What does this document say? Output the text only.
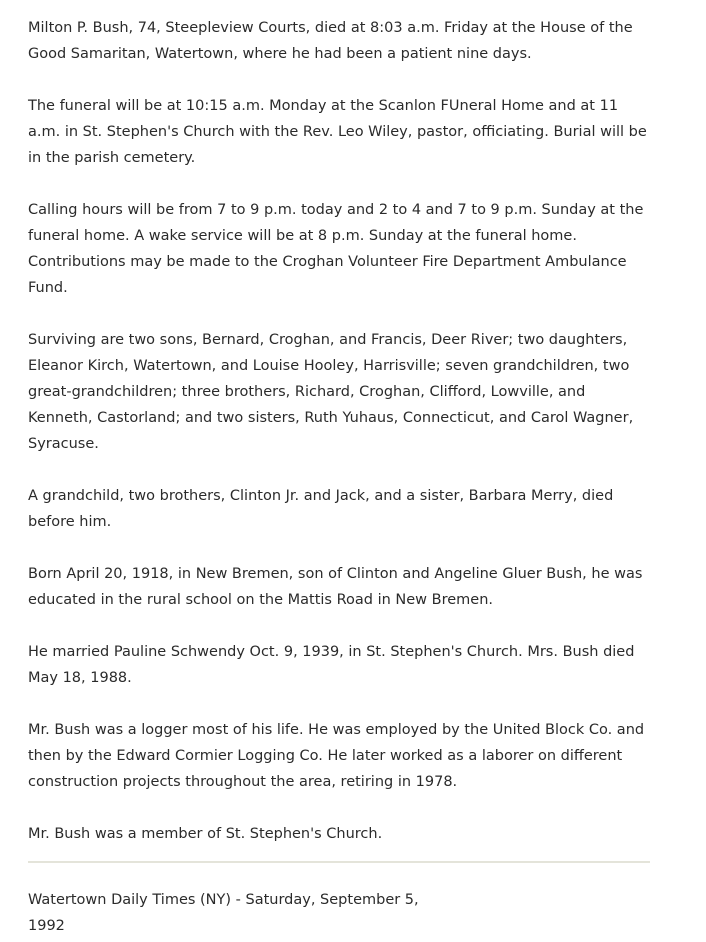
Milton P. Bush, 74, Steepleview Courts, died at 8:03 a.m. Friday at the House of the Good Samaritan, Watertown, where he had been a patient nine days.

The funeral will be at 10:15 a.m. Monday at the Scanlon FUneral Home and at 11 a.m. in St. Stephen's Church with the Rev. Leo Wiley, pastor, officiating. Burial will be in the parish cemetery.

Calling hours will be from 7 to 9 p.m. today and 2 to 4 and 7 to 9 p.m. Sunday at the funeral home. A wake service will be at 8 p.m. Sunday at the funeral home. Contributions may be made to the Croghan Volunteer Fire Department Ambulance Fund.

Surviving are two sons, Bernard, Croghan, and Francis, Deer River; two daughters, Eleanor Kirch, Watertown, and Louise Hooley, Harrisville; seven grandchildren, two great-grandchildren; three brothers, Richard, Croghan, Clifford, Lowville, and Kenneth, Castorland; and two sisters, Ruth Yuhaus, Connecticut, and Carol Wagner, Syracuse.

A grandchild, two brothers, Clinton Jr. and Jack, and a sister, Barbara Merry, died before him.

Born April 20, 1918, in New Bremen, son of Clinton and Angeline Gluer Bush, he was educated in the rural school on the Mattis Road in New Bremen.

He married Pauline Schwendy Oct. 9, 1939, in St. Stephen's Church. Mrs. Bush died May 18, 1988.

Mr. Bush was a logger most of his life. He was employed by the United Block Co. and then by the Edward Cormier Logging Co. He later worked as a laborer on different construction projects throughout the area, retiring in 1978.

Mr. Bush was a member of St. Stephen's Church.

Watertown Daily Times (NY) - Saturday, September 5, 1992
